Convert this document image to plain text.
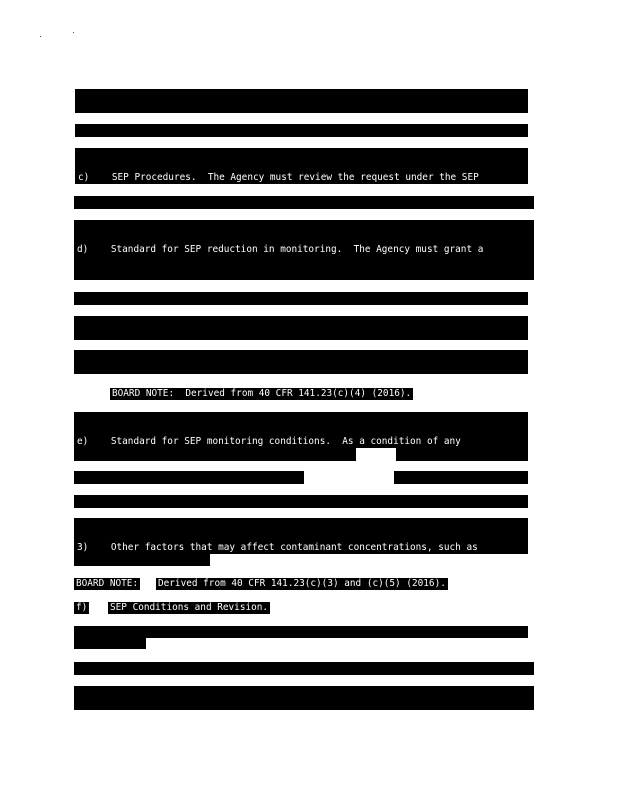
c)    SEP Procedures.  The Agency must review the request under the SEP

d)    Standard for SEP reduction in monitoring.  The Agency must grant a

BOARD NOTE:  Derived from 40 CFR 141.23(c)(4) (2016).

e)    Standard for SEP monitoring conditions.  As a condition of any

3)    Other factors that may affect contaminant concentrations, such as

BOARD NOTE: Derived from 40 CFR 141.23(c)(3) and (c)(5) (2016).
f) SEP Conditions and Revision.
